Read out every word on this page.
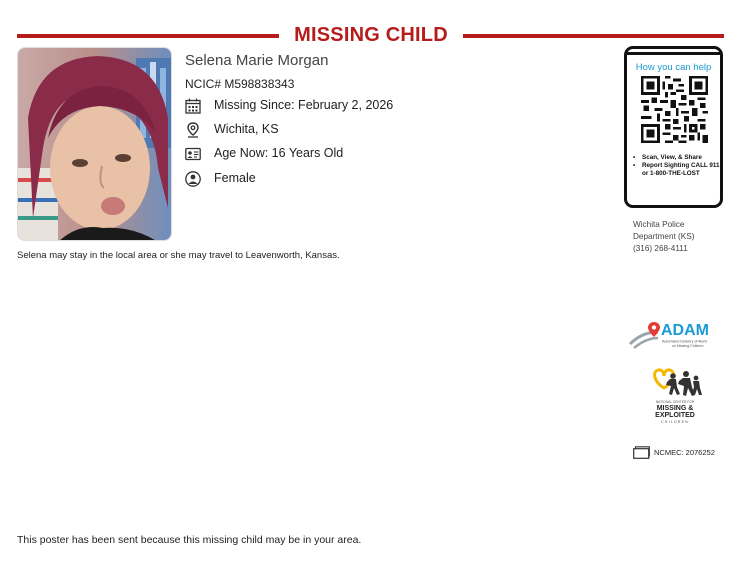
MISSING CHILD
Selena Marie Morgan
NCIC# M598838343
Missing Since: February 2, 2026
Wichita, KS
Age Now: 16 Years Old
Female
Selena may stay in the local area or she may travel to Leavenworth, Kansas.
How you can help
• Scan, View, & Share
• Report Sighting CALL 911 or 1-800-THE-LOST
Wichita Police
Department (KS)
(316) 268-4111
ADAM
Automated Delivery of Alerts
on Missing Children
NATIONAL CENTER FOR
MISSING &
EXPLOITED
CHILDREN
NCMEC: 2076252
This poster has been sent because this missing child may be in your area.
